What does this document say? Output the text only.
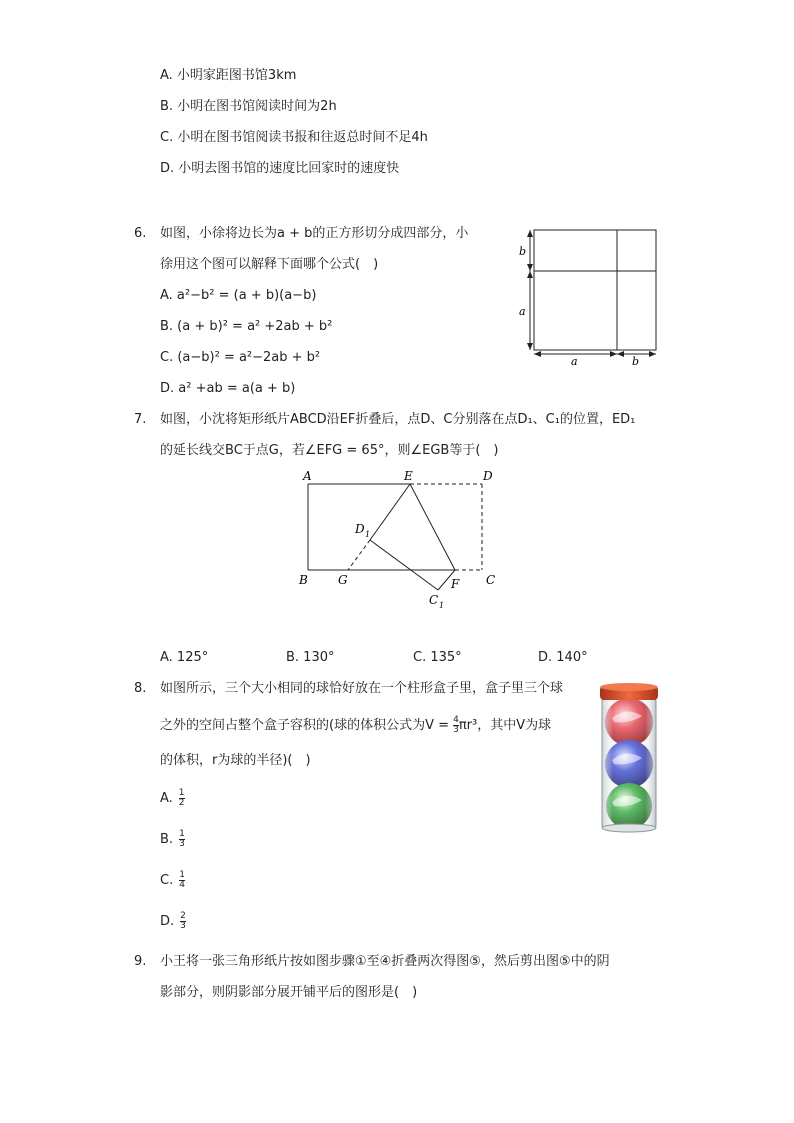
A. 小明家距图书馆3km
B. 小明在图书馆阅读时间为2h
C. 小明在图书馆阅读书报和往返总时间不足4h
D. 小明去图书馆的速度比回家时的速度快
6. 如图，小徐将边长为a + b的正方形切分成四部分，小
徐用这个图可以解释下面哪个公式(　)
A. a²−b² = (a + b)(a−b)
B. (a + b)² = a² +2ab + b²
C. (a−b)² = a²−2ab + b²
D. a² +ab = a(a + b)
b
a
a	b
7. 如图，小沈将矩形纸片ABCD沿EF折叠后，点D、C分别落在点D₁、C₁的位置，ED₁
的延长线交BC于点G，若∠EFG = 65°，则∠EGB等于(　)
A	E	D
D 1
B	G	F C
C 1
A. 125°	B. 130°	C. 135°	D. 140°
8. 如图所示，三个大小相同的球恰好放在一个柱形盒子里，盒子里三个球
之外的空间占整个盒子容积的(球的体积公式为$V = \frac{4}{3} \pi r^3$，其中V为球
的体积，r为球的半径)(　)
A. $\frac{1}{2}$
B. $\frac{1}{3}$
C. $\frac{1}{4}$
D. $\frac{2}{3}$
9. 小王将一张三角形纸片按如图步骤①至④折叠两次得图⑤，然后剪出图⑤中的阴
影部分，则阴影部分展开铺平后的图形是(　)
